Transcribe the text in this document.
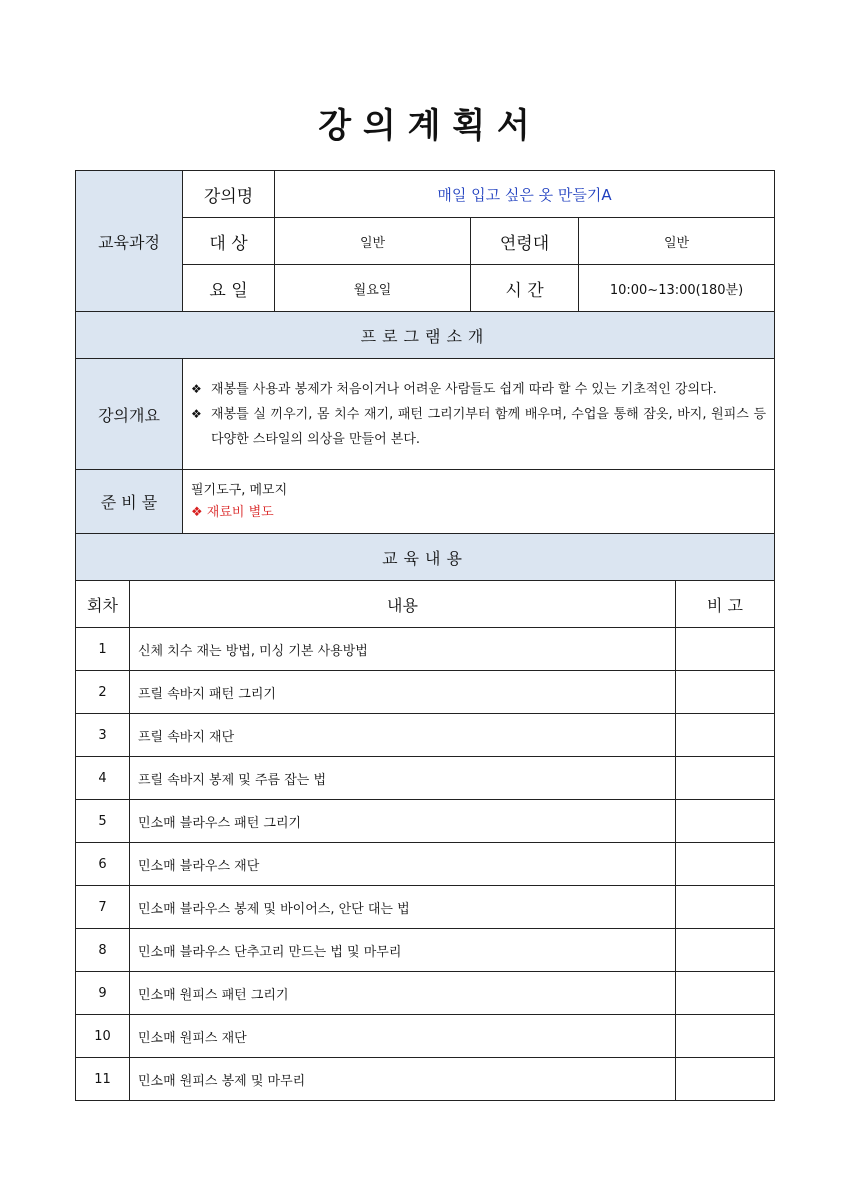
강 의 계 획 서
교육과정	강의명	매일 입고 싶은 옷 만들기A		
	대 상	일반	연령대	일반
	요 일	월요일	시 간	10:00~13:00(180분)
프로그램소개				
강의개요	❖ 재봉틀 사용과 봉제가 처음이거나 어려운 사람들도 쉽게 따라 할 수 있는 기초적인 강의다.
❖ 재봉틀 실 끼우기, 몸 치수 재기, 패턴 그리기부터 함께 배우며, 수업을 통해 잠옷, 바지, 원피스 등 다양한 스타일의 의상을 만들어 본다.			

준 비 물	필기도구, 메모지
❖ 재료비 별도			

교육내용				
회차	내용	비 고
1	신체 치수 재는 방법, 미싱 기본 사용방법	
2	프릴 속바지 패턴 그리기	
3	프릴 속바지 재단	
4	프릴 속바지 봉제 및 주름 잡는 법	
5	민소매 블라우스 패턴 그리기	
6	민소매 블라우스 재단	
7	민소매 블라우스 봉제 및 바이어스, 안단 대는 법	
8	민소매 블라우스 단추고리 만드는 법 및 마무리	
9	민소매 원피스 패턴 그리기	
10	민소매 원피스 재단	
11	민소매 원피스 봉제 및 마무리	
